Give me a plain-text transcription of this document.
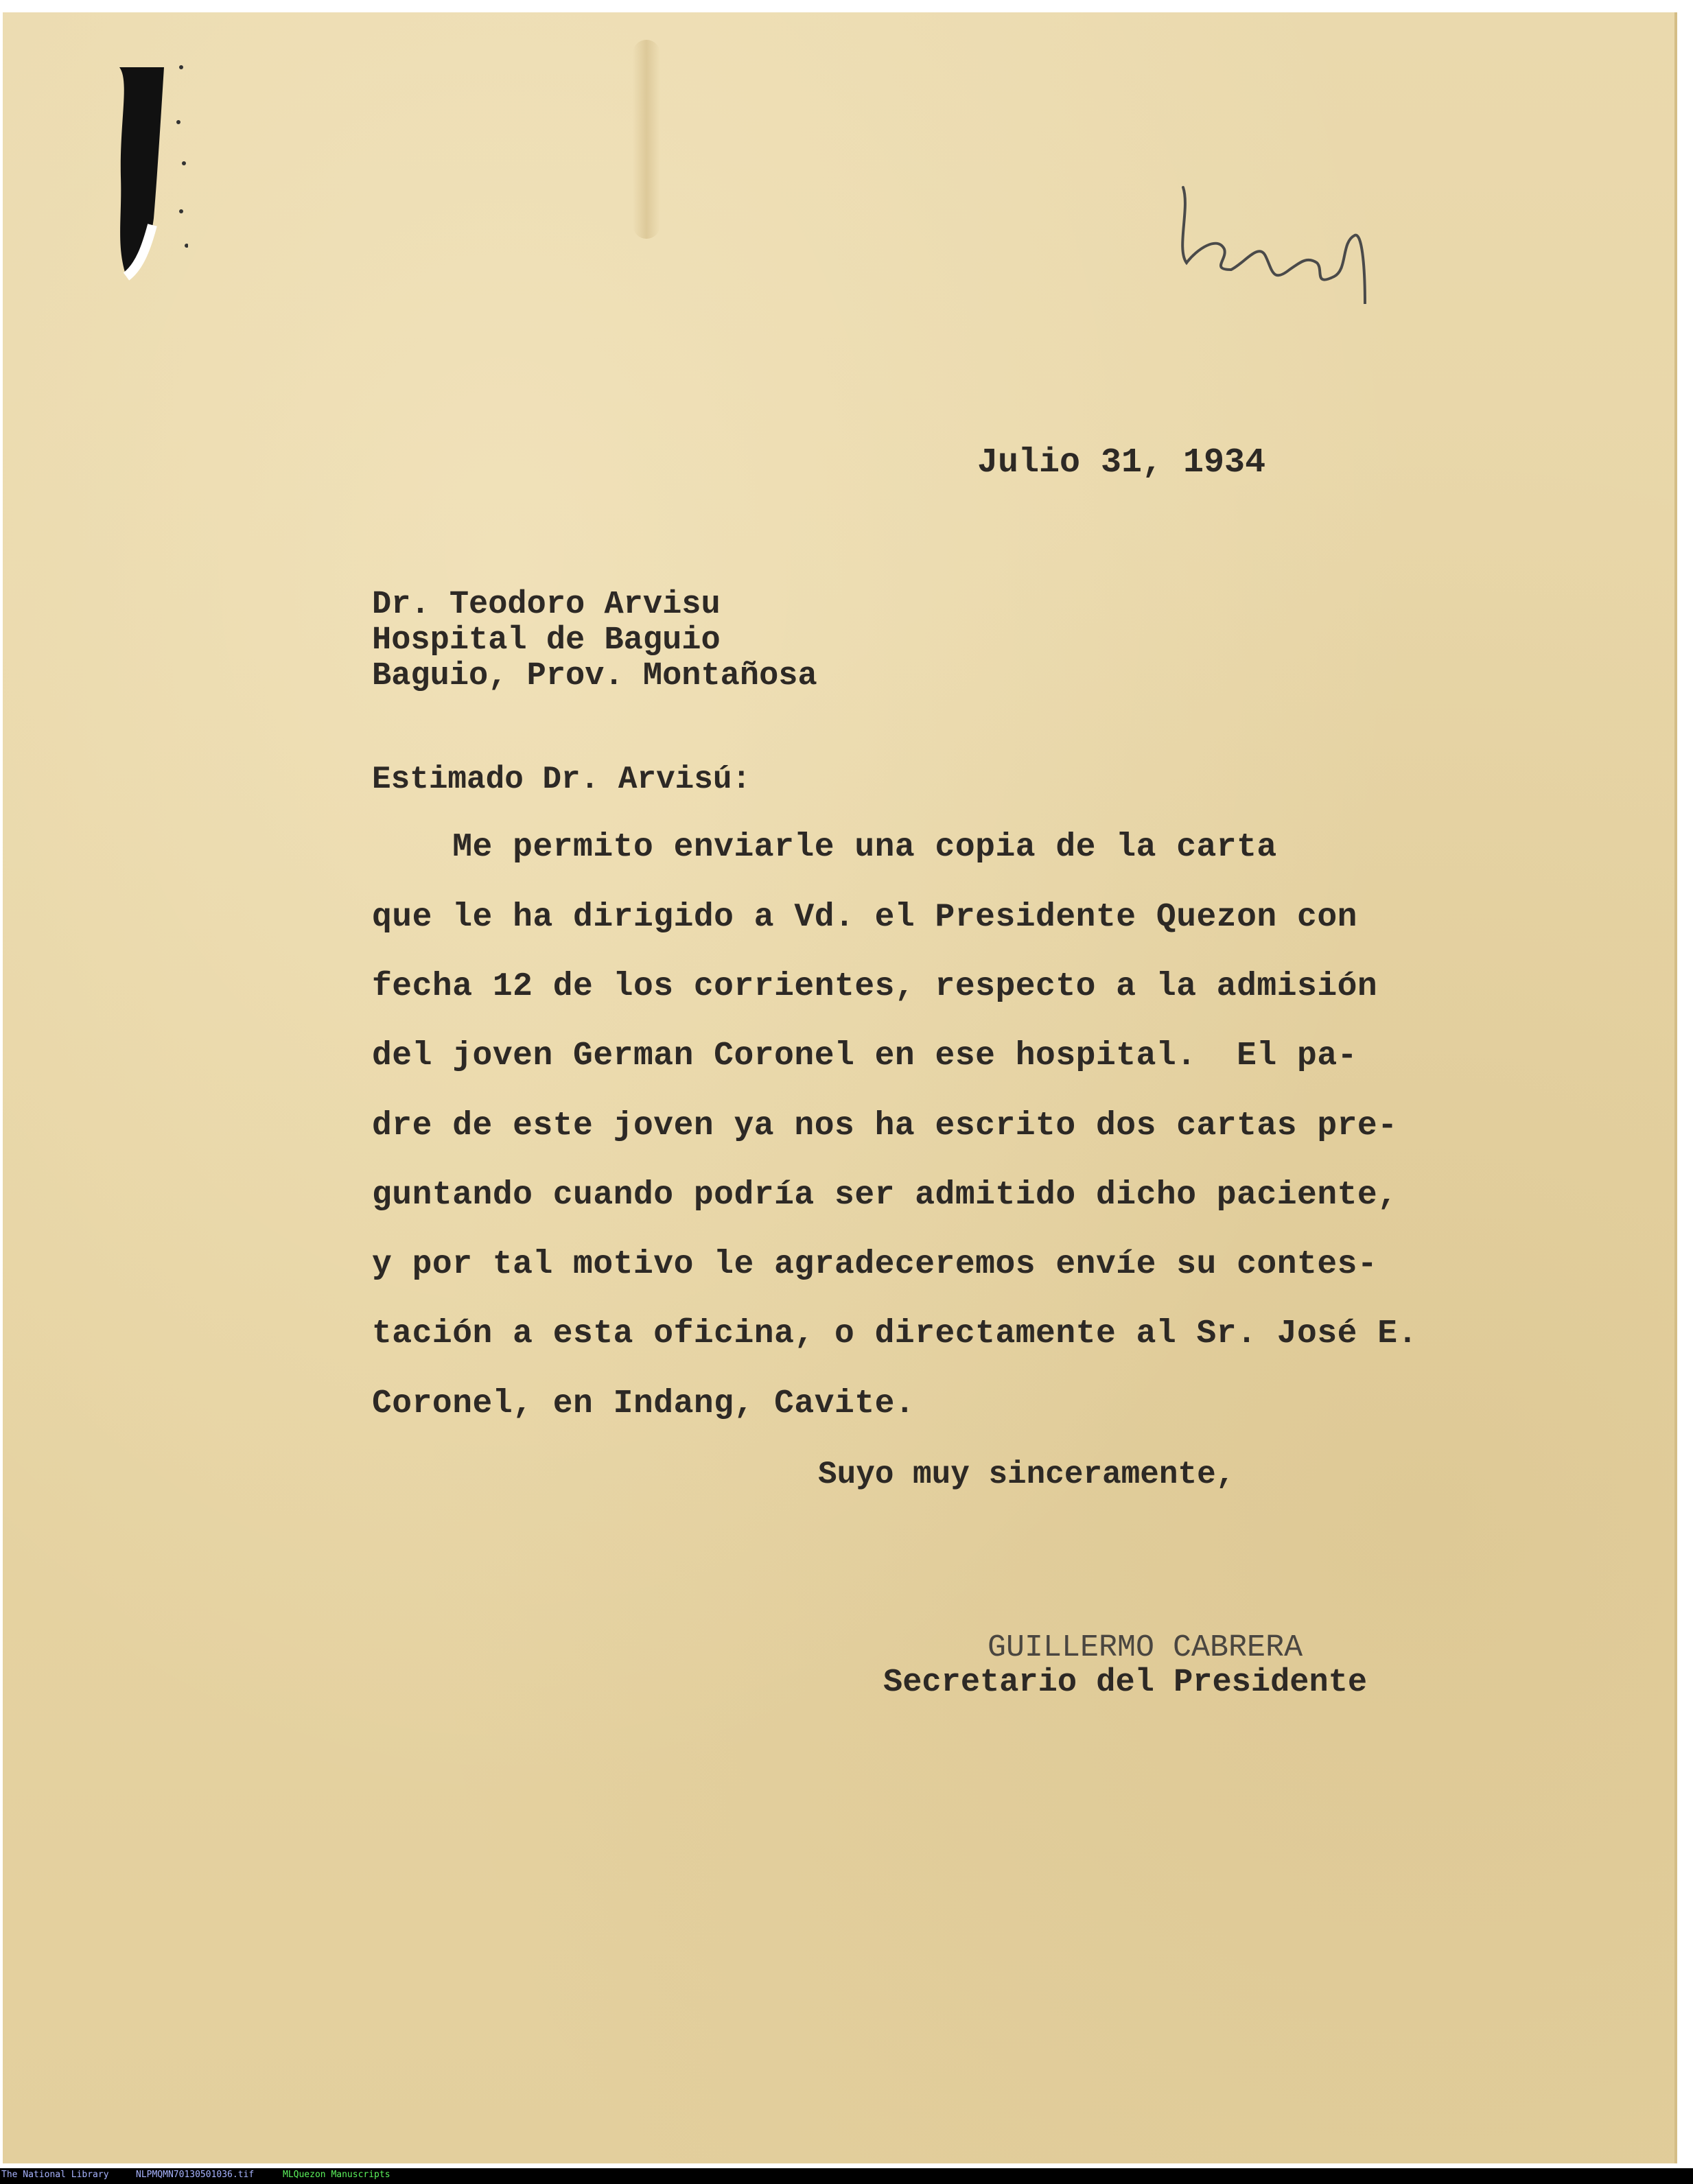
Julio 31, 1934
Dr. Teodoro Arvisu
Hospital de Baguio
Baguio, Prov. Montañosa
Estimado Dr. Arvisú:
Me permito enviarle una copia de la carta
que le ha dirigido a Vd. el Presidente Quezon con
fecha 12 de los corrientes, respecto a la admisión
del joven German Coronel en ese hospital.  El pa-
dre de este joven ya nos ha escrito dos cartas pre-
guntando cuando podría ser admitido dicho paciente,
y por tal motivo le agradeceremos envíe su contes-
tación a esta oficina, o directamente al Sr. José E.
Coronel, en Indang, Cavite.
Suyo muy sinceramente,
GUILLERMO CABRERA
Secretario del Presidente
The National Library	NLPMQMN70130501036.tif	MLQuezon Manuscripts
